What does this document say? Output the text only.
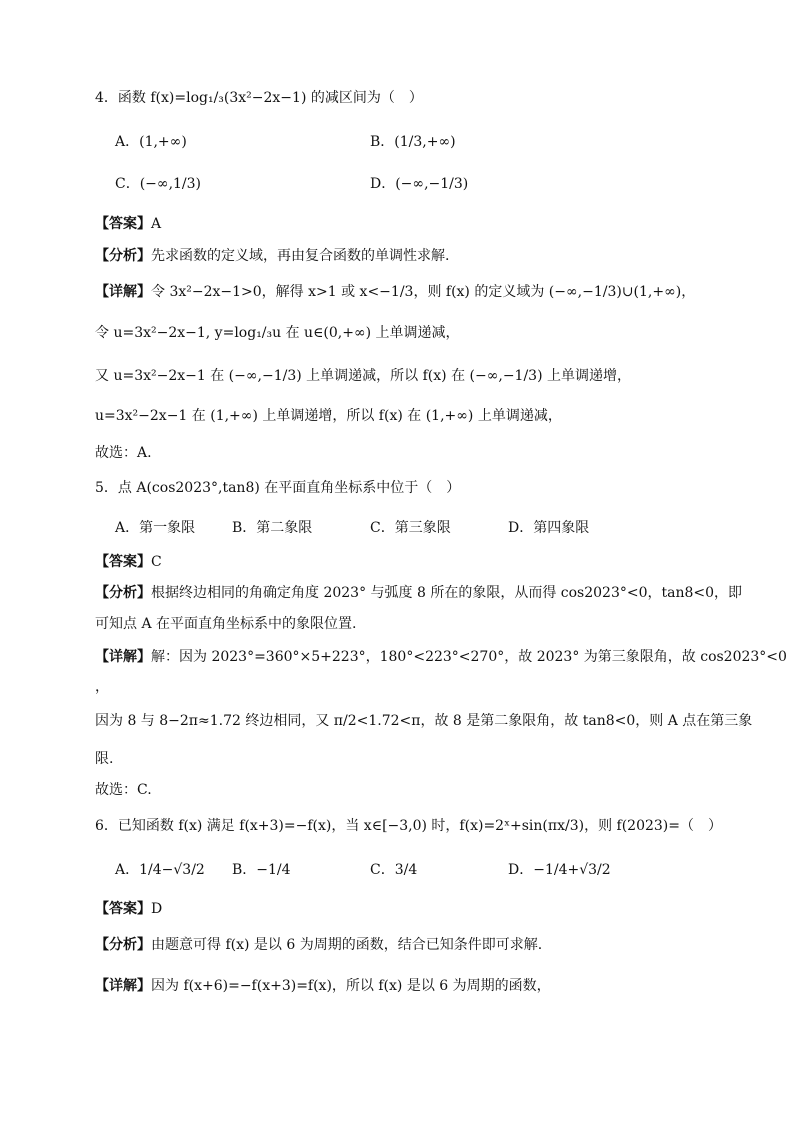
4．函数 f(x)=log₁/₃(3x²−2x−1) 的减区间为（　）
A．(1,+∞)	B．(1/3,+∞)
C．(−∞,1/3)	D．(−∞,−1/3)
【答案】A
【分析】先求函数的定义域，再由复合函数的单调性求解.
【详解】令 3x²−2x−1>0，解得 x>1 或 x<−1/3，则 f(x) 的定义域为 (−∞,−1/3)∪(1,+∞)，
令 u=3x²−2x−1, y=log₁/₃u 在 u∈(0,+∞) 上单调递减，
又 u=3x²−2x−1 在 (−∞,−1/3) 上单调递减，所以 f(x) 在 (−∞,−1/3) 上单调递增，
u=3x²−2x−1 在 (1,+∞) 上单调递增，所以 f(x) 在 (1,+∞) 上单调递减，
故选：A.
5．点 A(cos2023°,tan8) 在平面直角坐标系中位于（　）
A．第一象限	B．第二象限	C．第三象限	D．第四象限
【答案】C
【分析】根据终边相同的角确定角度 2023° 与弧度 8 所在的象限，从而得 cos2023°<0，tan8<0，即
可知点 A 在平面直角坐标系中的象限位置.
【详解】解：因为 2023°=360°×5+223°，180°<223°<270°，故 2023° 为第三象限角，故 cos2023°<0
，
因为 8 与 8−2π≈1.72 终边相同，又 π/2<1.72<π，故 8 是第二象限角，故 tan8<0，则 A 点在第三象
限.
故选：C.
6．已知函数 f(x) 满足 f(x+3)=−f(x)，当 x∈[−3,0) 时，f(x)=2ˣ+sin(πx/3)，则 f(2023)=（　）
A．1/4−√3/2 B．−1/4	C．3/4	D．−1/4+√3/2
【答案】D
【分析】由题意可得 f(x) 是以 6 为周期的函数，结合已知条件即可求解.
【详解】因为 f(x+6)=−f(x+3)=f(x)，所以 f(x) 是以 6 为周期的函数，
